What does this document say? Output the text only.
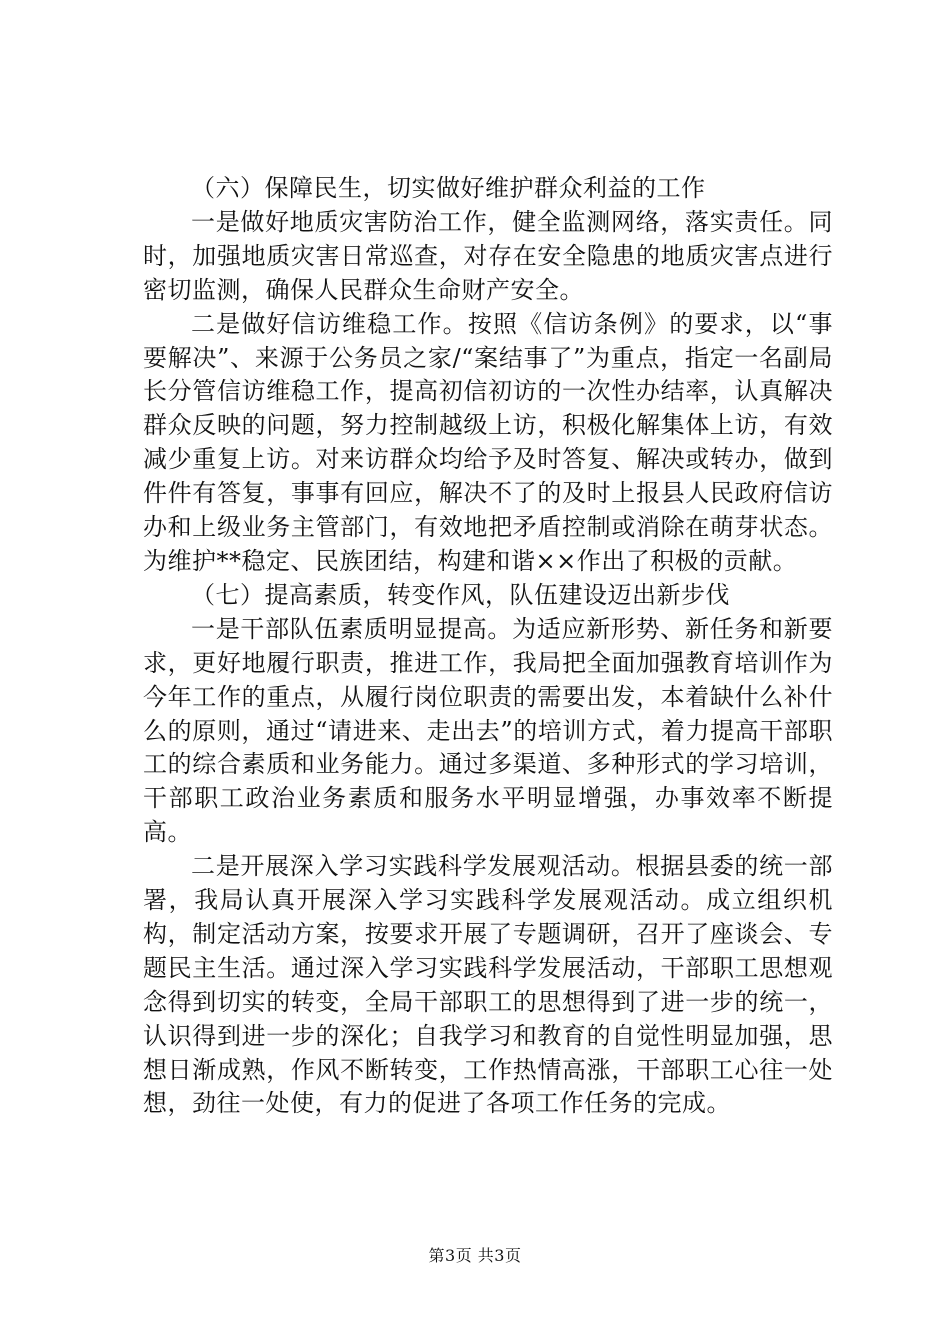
（六）保障民生，切实做好维护群众利益的工作

一是做好地质灾害防治工作，健全监测网络，落实责任。同时，加强地质灾害日常巡查，对存在安全隐患的地质灾害点进行密切监测，确保人民群众生命财产安全。

二是做好信访维稳工作。按照《信访条例》的要求，以“事要解决”、来源于公务员之家/“案结事了”为重点，指定一名副局长分管信访维稳工作，提高初信初访的一次性办结率，认真解决群众反映的问题，努力控制越级上访，积极化解集体上访，有效减少重复上访。对来访群众均给予及时答复、解决或转办，做到件件有答复，事事有回应，解决不了的及时上报县人民政府信访办和上级业务主管部门，有效地把矛盾控制或消除在萌芽状态。为维护**稳定、民族团结，构建和谐××作出了积极的贡献。

（七）提高素质，转变作风，队伍建设迈出新步伐

一是干部队伍素质明显提高。为适应新形势、新任务和新要求，更好地履行职责，推进工作，我局把全面加强教育培训作为今年工作的重点，从履行岗位职责的需要出发，本着缺什么补什么的原则，通过“请进来、走出去”的培训方式，着力提高干部职工的综合素质和业务能力。通过多渠道、多种形式的学习培训，干部职工政治业务素质和服务水平明显增强，办事效率不断提高。

二是开展深入学习实践科学发展观活动。根据县委的统一部署，我局认真开展深入学习实践科学发展观活动。成立组织机构，制定活动方案，按要求开展了专题调研，召开了座谈会、专题民主生活。通过深入学习实践科学发展活动，干部职工思想观念得到切实的转变，全局干部职工的思想得到了进一步的统一，认识得到进一步的深化；自我学习和教育的自觉性明显加强，思想日渐成熟，作风不断转变，工作热情高涨，干部职工心往一处想，劲往一处使，有力的促进了各项工作任务的完成。

第3页 共3页
